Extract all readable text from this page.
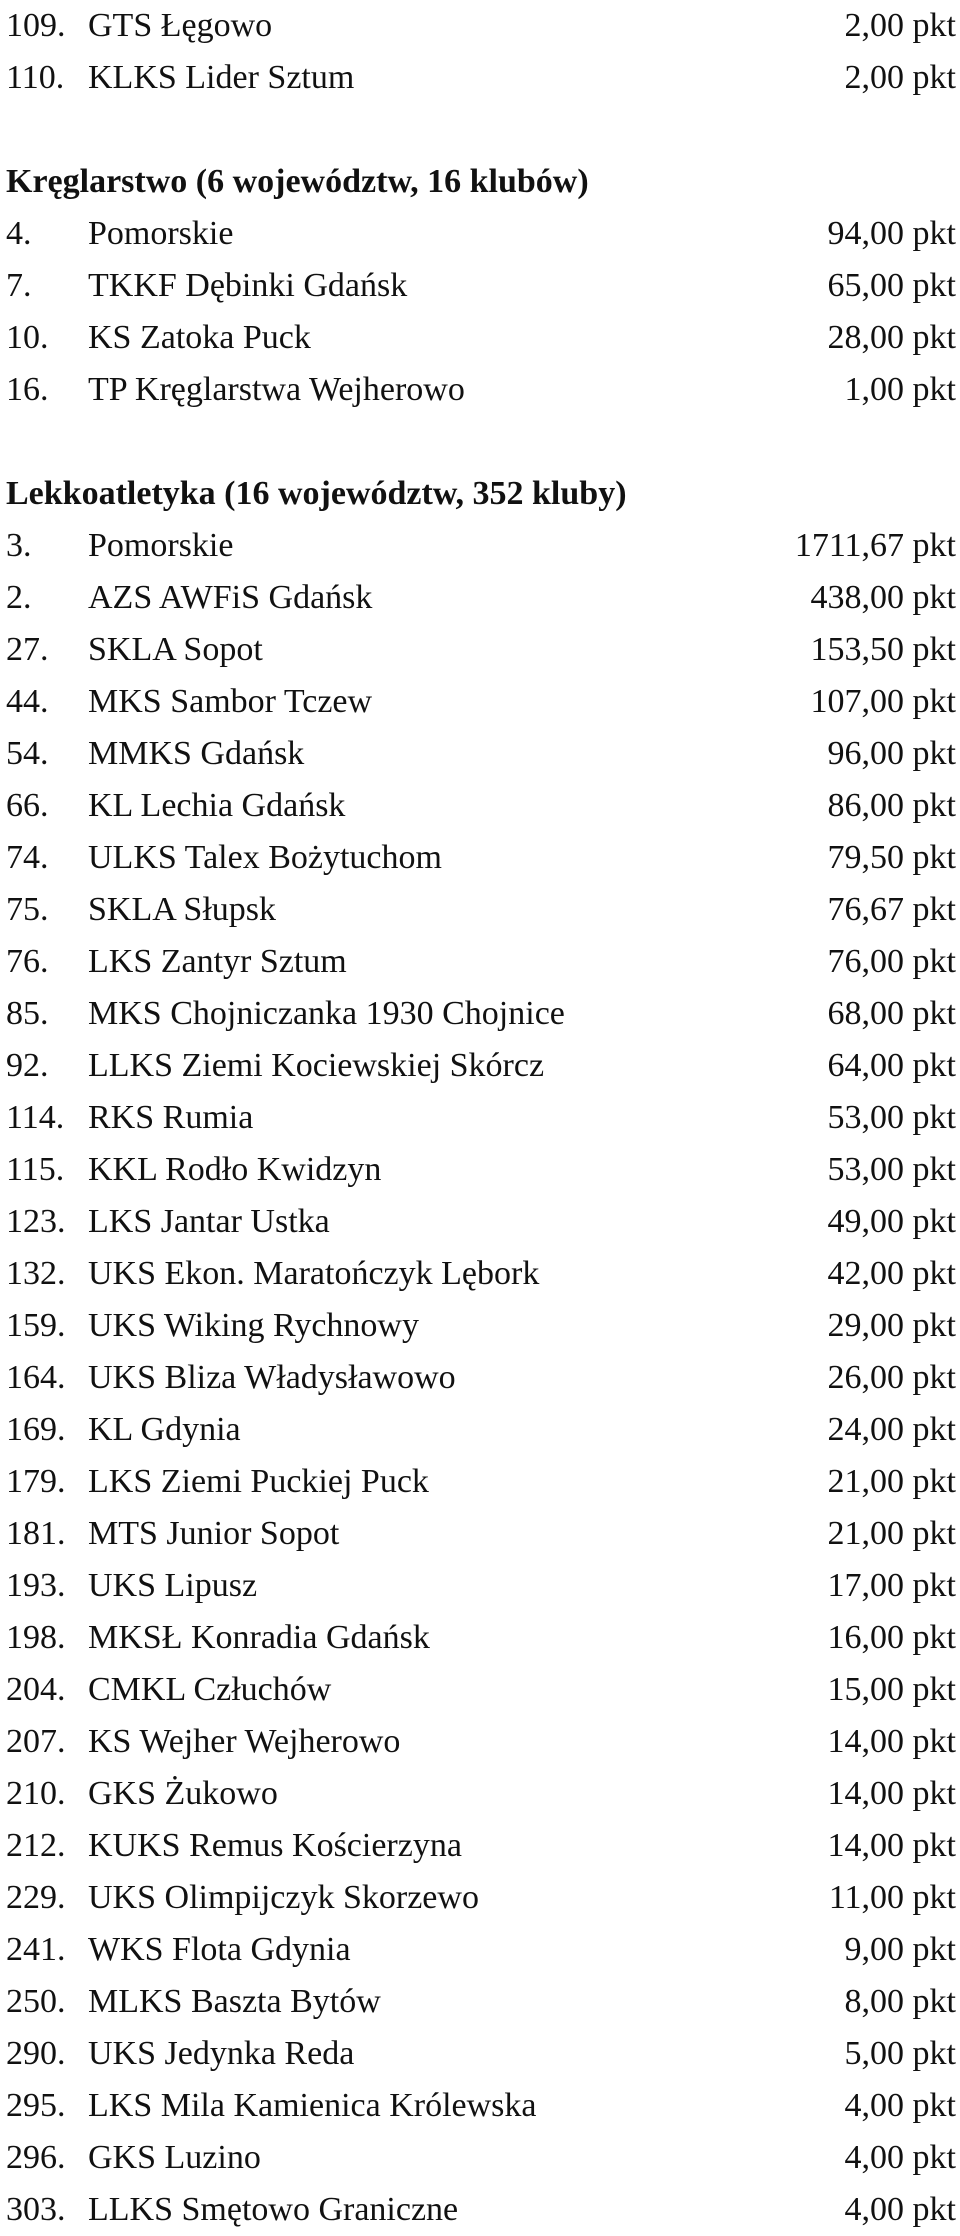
109. GTS Łęgowo	2,00 pkt
110. KLKS Lider Sztum	2,00 pkt
Kręglarstwo (6 województw, 16 klubów)
4. Pomorskie	94,00 pkt
7. TKKF Dębinki Gdańsk	65,00 pkt
10. KS Zatoka Puck	28,00 pkt
16. TP Kręglarstwa Wejherowo	1,00 pkt
Lekkoatletyka (16 województw, 352 kluby)
3. Pomorskie	1711,67 pkt
2. AZS AWFiS Gdańsk	438,00 pkt
27. SKLA Sopot	153,50 pkt
44. MKS Sambor Tczew	107,00 pkt
54. MMKS Gdańsk	96,00 pkt
66. KL Lechia Gdańsk	86,00 pkt
74. ULKS Talex Bożytuchom	79,50 pkt
75. SKLA Słupsk	76,67 pkt
76. LKS Zantyr Sztum	76,00 pkt
85. MKS Chojniczanka 1930 Chojnice	68,00 pkt
92. LLKS Ziemi Kociewskiej Skórcz	64,00 pkt
114. RKS Rumia	53,00 pkt
115. KKL Rodło Kwidzyn	53,00 pkt
123. LKS Jantar Ustka	49,00 pkt
132. UKS Ekon. Maratończyk Lębork	42,00 pkt
159. UKS Wiking Rychnowy	29,00 pkt
164. UKS Bliza Władysławowo	26,00 pkt
169. KL Gdynia	24,00 pkt
179. LKS Ziemi Puckiej Puck	21,00 pkt
181. MTS Junior Sopot	21,00 pkt
193. UKS Lipusz	17,00 pkt
198. MKSŁ Konradia Gdańsk	16,00 pkt
204. CMKL Człuchów	15,00 pkt
207. KS Wejher Wejherowo	14,00 pkt
210. GKS Żukowo	14,00 pkt
212. KUKS Remus Kościerzyna	14,00 pkt
229. UKS Olimpijczyk Skorzewo	11,00 pkt
241. WKS Flota Gdynia	9,00 pkt
250. MLKS Baszta Bytów	8,00 pkt
290. UKS Jedynka Reda	5,00 pkt
295. LKS Mila Kamienica Królewska	4,00 pkt
296. GKS Luzino	4,00 pkt
303. LLKS Smętowo Graniczne	4,00 pkt
